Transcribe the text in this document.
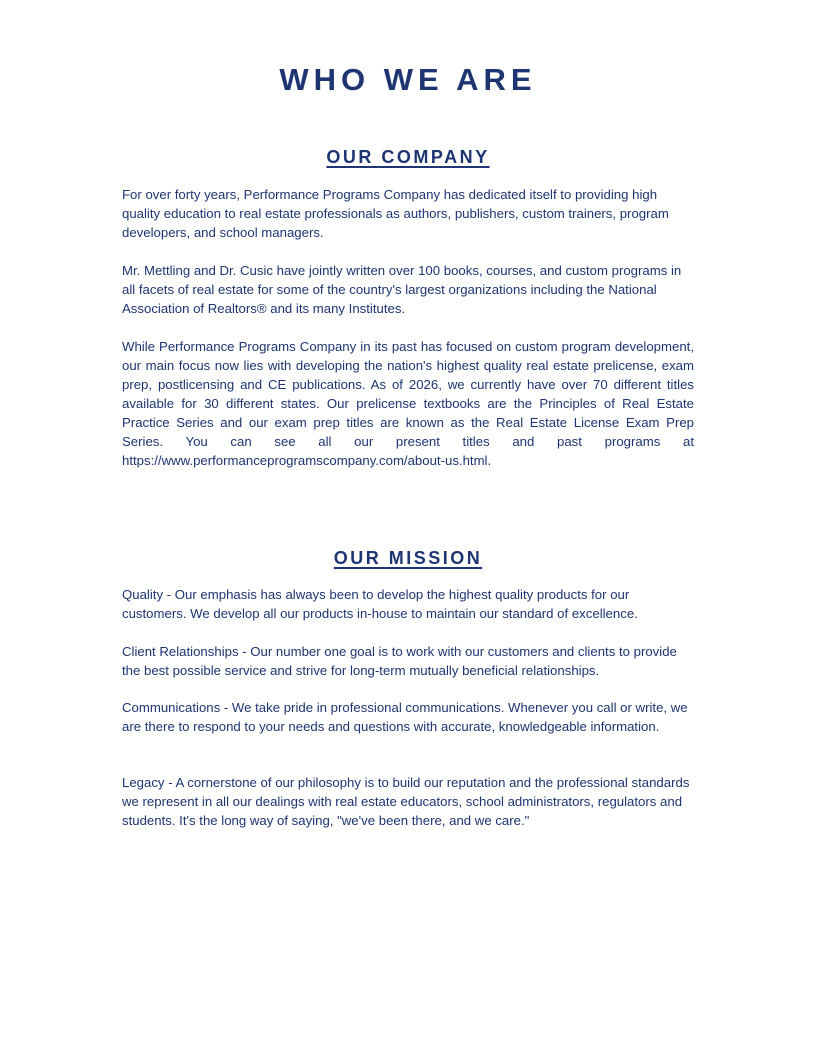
WHO WE ARE
OUR COMPANY

For over forty years, Performance Programs Company has dedicated itself to providing high quality education to real estate professionals as authors, publishers, custom trainers, program developers, and school managers.

Mr. Mettling and Dr. Cusic have jointly written over 100 books, courses, and custom programs in all facets of real estate for some of the country's largest organizations including the National Association of Realtors® and its many Institutes.

While Performance Programs Company in its past has focused on custom program development, our main focus now lies with developing the nation's highest quality real estate prelicense, exam prep, postlicensing and CE publications. As of 2026, we currently have over 70 different titles available for 30 different states. Our prelicense textbooks are the Principles of Real Estate Practice Series and our exam prep titles are known as the Real Estate License Exam Prep Series. You can see all our present titles and past programs at https://www.performanceprogramscompany.com/about-us.html.

OUR MISSION

Quality - Our emphasis has always been to develop the highest quality products for our customers. We develop all our products in-house to maintain our standard of excellence.

Client Relationships - Our number one goal is to work with our customers and clients to provide the best possible service and strive for long-term mutually beneficial relationships.

Communications - We take pride in professional communications. Whenever you call or write, we are there to respond to your needs and questions with accurate, knowledgeable information.

Legacy - A cornerstone of our philosophy is to build our reputation and the professional standards we represent in all our dealings with real estate educators, school administrators, regulators and students. It's the long way of saying, "we've been there, and we care."
